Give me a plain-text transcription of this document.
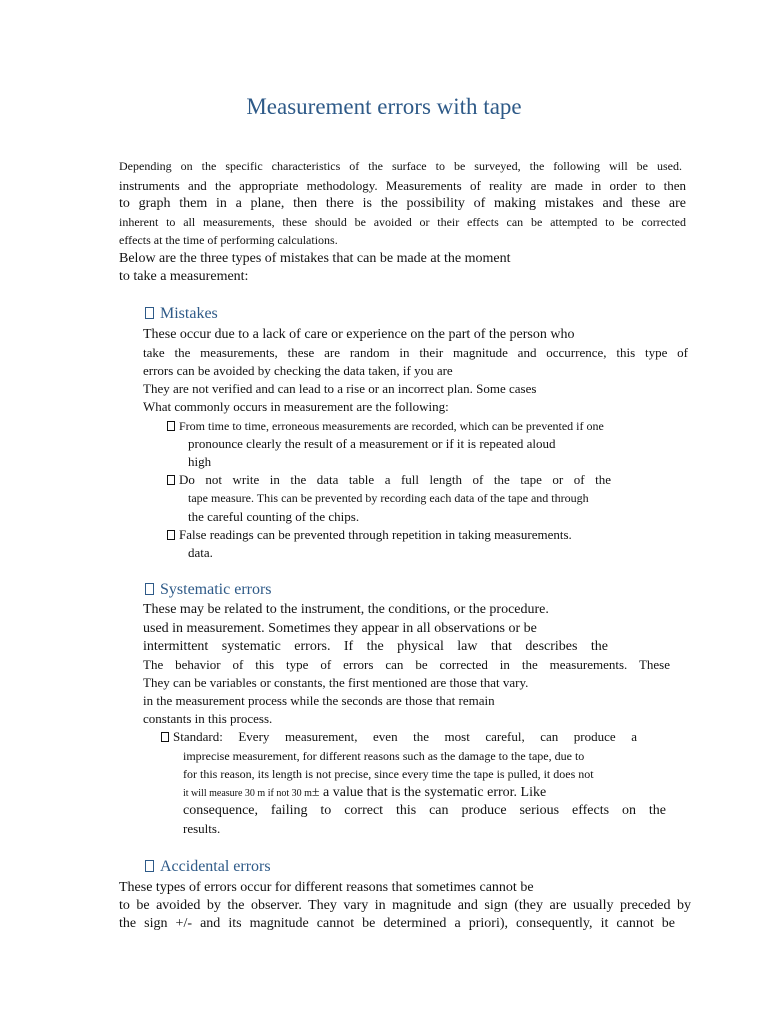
Measurement errors with tape
Depending on the specific characteristics of the surface to be surveyed, the following will be used.
instruments and the appropriate methodology. Measurements of reality are made in order to then
to graph them in a plane, then there is the possibility of making mistakes and these are
inherent to all measurements, these should be avoided or their effects can be attempted to be corrected
effects at the time of performing calculations.
Below are the three types of mistakes that can be made at the moment
to take a measurement:
Mistakes
These occur due to a lack of care or experience on the part of the person who
take the measurements, these are random in their magnitude and occurrence, this type of
errors can be avoided by checking the data taken, if you are
They are not verified and can lead to a rise or an incorrect plan. Some cases
What commonly occurs in measurement are the following:
From time to time, erroneous measurements are recorded, which can be prevented if one
pronounce clearly the result of a measurement or if it is repeated aloud
high
Do not write in the data table a full length of the tape or of the
tape measure. This can be prevented by recording each data of the tape and through
the careful counting of the chips.
False readings can be prevented through repetition in taking measurements.
data.
Systematic errors
These may be related to the instrument, the conditions, or the procedure.
used in measurement. Sometimes they appear in all observations or be
intermittent systematic errors. If the physical law that describes the
The behavior of this type of errors can be corrected in the measurements. These
They can be variables or constants, the first mentioned are those that vary.
in the measurement process while the seconds are those that remain
constants in this process.
Standard: Every measurement, even the most careful, can produce a
imprecise measurement, for different reasons such as the damage to the tape, due to
for this reason, its length is not precise, since every time the tape is pulled, it does not
it will measure 30 m if not 30 m± a value that is the systematic error. Like
consequence, failing to correct this can produce serious effects on the
results.
Accidental errors
These types of errors occur for different reasons that sometimes cannot be
to be avoided by the observer. They vary in magnitude and sign (they are usually preceded by
the sign +/- and its magnitude cannot be determined a priori), consequently, it cannot be
